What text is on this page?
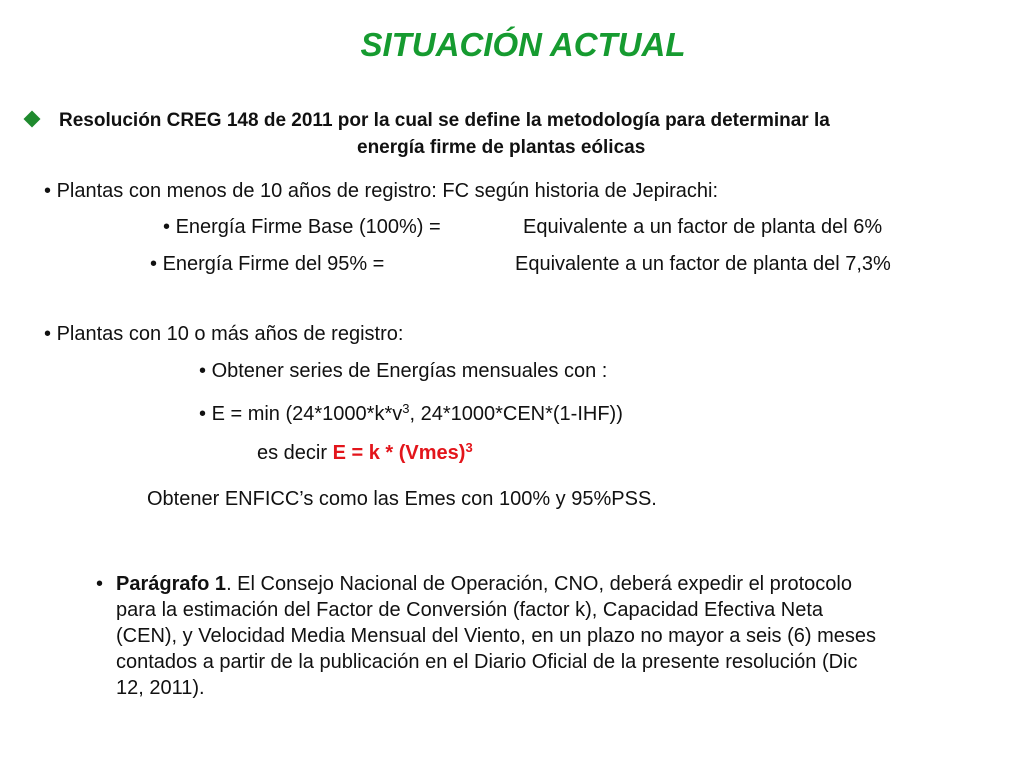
SITUACIÓN ACTUAL
Resolución CREG 148 de 2011 por la cual se define la metodología para determinar la
energía firme de plantas eólicas
• Plantas con menos de 10 años de registro: FC según historia de Jepirachi:
• Energía Firme Base (100%) =	Equivalente a un factor de planta del 6%
• Energía Firme del 95% =	Equivalente a un factor de planta del 7,3%
• Plantas con 10 o más años de registro:
• Obtener series de Energías mensuales con :
• $E = \min (24*1000*k*v^3$, 24*1000*CEN*(1-IHF))
es decir E = k * (Vmes)$^3$
Obtener ENFICC’s como las Emes con 100% y 95%PSS.
• Parágrafo 1. El Consejo Nacional de Operación, CNO, deberá expedir el protocolo
para la estimación del Factor de Conversión (factor k), Capacidad Efectiva Neta
(CEN), y Velocidad Media Mensual del Viento, en un plazo no mayor a seis (6) meses
contados a partir de la publicación en el Diario Oficial de la presente resolución (Dic
12, 2011).
